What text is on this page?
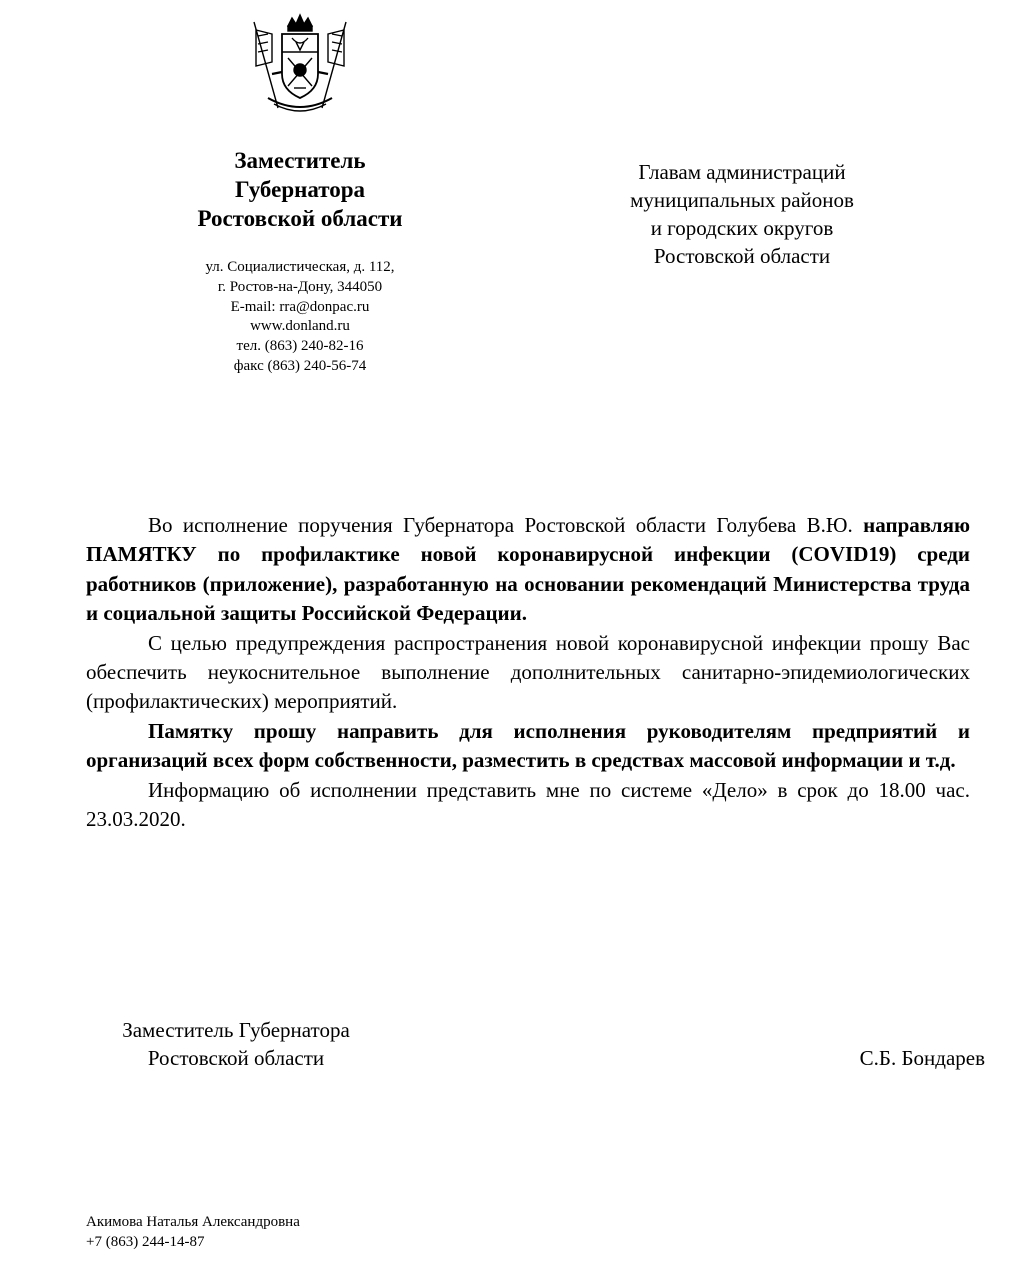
Заместитель
Губернатора
Ростовской области
ул. Социалистическая, д. 112,
г. Ростов-на-Дону, 344050
E-mail: rra@donpac.ru
www.donland.ru
тел. (863) 240-82-16
факс (863) 240-56-74
Главам администраций
муниципальных районов
и городских округов
Ростовской области

Во исполнение поручения Губернатора Ростовской области Голубева В.Ю. направляю ПАМЯТКУ по профилактике новой коронавирусной инфекции (COVID19) среди работников (приложение), разработанную на основании рекомендаций Министерства труда и социальной защиты Российской Федерации.

С целью предупреждения распространения новой коронавирусной инфекции прошу Вас обеспечить неукоснительное выполнение дополнительных санитарно-эпидемиологических (профилактических) мероприятий.

Памятку прошу направить для исполнения руководителям предприятий и организаций всех форм собственности, разместить в средствах массовой информации и т.д.

Информацию об исполнении представить мне по системе «Дело» в срок до 18.00 час. 23.03.2020.

Заместитель Губернатора
Ростовской области	С.Б. Бондарев
Акимова Наталья Александровна
+7 (863) 244-14-87
